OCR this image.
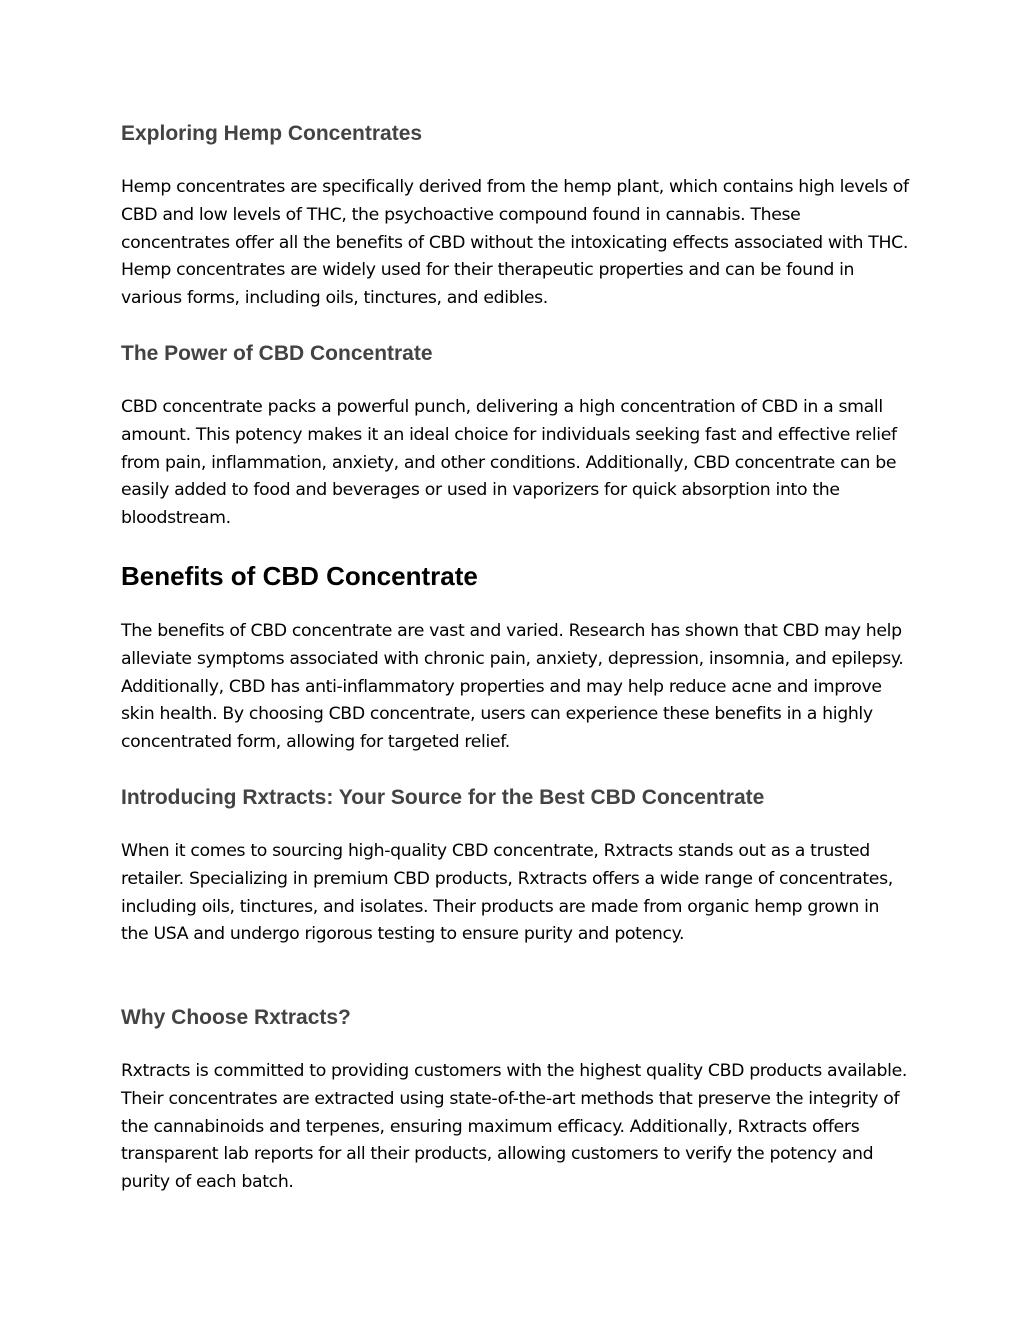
Exploring Hemp Concentrates

Hemp concentrates are specifically derived from the hemp plant, which contains high levels of CBD and low levels of THC, the psychoactive compound found in cannabis. These concentrates offer all the benefits of CBD without the intoxicating effects associated with THC. Hemp concentrates are widely used for their therapeutic properties and can be found in various forms, including oils, tinctures, and edibles.

The Power of CBD Concentrate

CBD concentrate packs a powerful punch, delivering a high concentration of CBD in a small amount. This potency makes it an ideal choice for individuals seeking fast and effective relief from pain, inflammation, anxiety, and other conditions. Additionally, CBD concentrate can be easily added to food and beverages or used in vaporizers for quick absorption into the bloodstream.

Benefits of CBD Concentrate

The benefits of CBD concentrate are vast and varied. Research has shown that CBD may help alleviate symptoms associated with chronic pain, anxiety, depression, insomnia, and epilepsy. Additionally, CBD has anti-inflammatory properties and may help reduce acne and improve skin health. By choosing CBD concentrate, users can experience these benefits in a highly concentrated form, allowing for targeted relief.

Introducing Rxtracts: Your Source for the Best CBD Concentrate

When it comes to sourcing high-quality CBD concentrate, Rxtracts stands out as a trusted retailer. Specializing in premium CBD products, Rxtracts offers a wide range of concentrates, including oils, tinctures, and isolates. Their products are made from organic hemp grown in the USA and undergo rigorous testing to ensure purity and potency.

Why Choose Rxtracts?

Rxtracts is committed to providing customers with the highest quality CBD products available. Their concentrates are extracted using state-of-the-art methods that preserve the integrity of the cannabinoids and terpenes, ensuring maximum efficacy. Additionally, Rxtracts offers transparent lab reports for all their products, allowing customers to verify the potency and purity of each batch.
